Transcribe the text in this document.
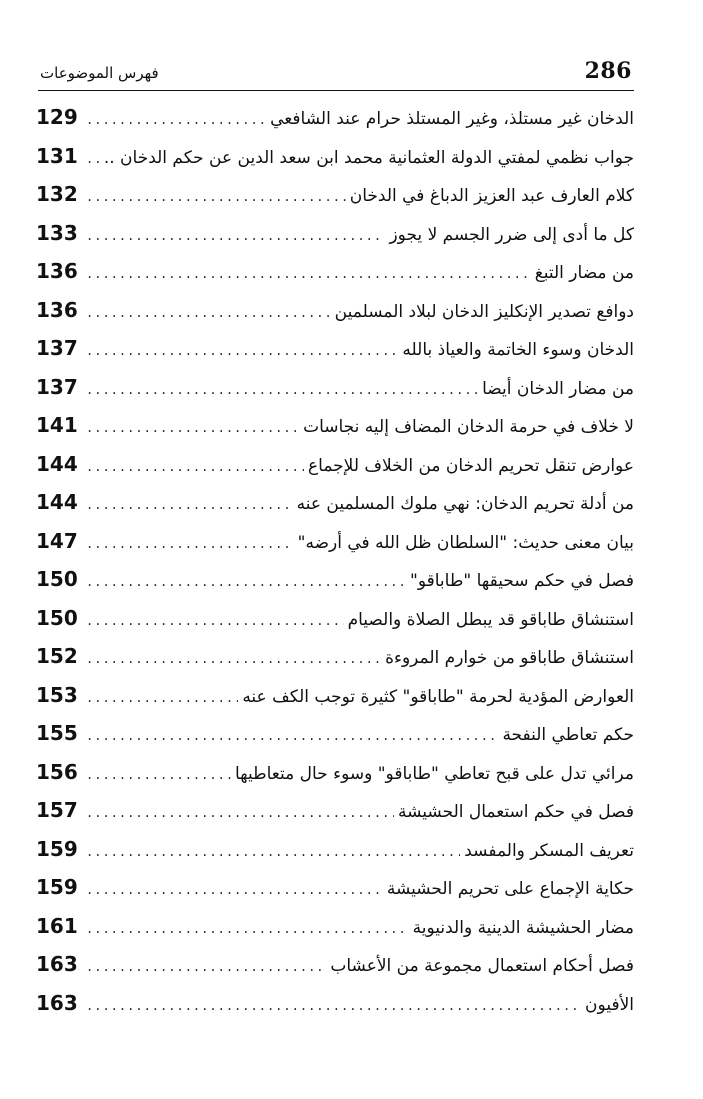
286
فهرس الموضوعات
الدخان غير مستلذ، وغير المستلذ حرام عند الشافعي
.....
129
جواب نظمي لمفتي الدولة العثمانية محمد ابن سعد الدين عن حكم الدخان ..
.....
131
كلام العارف عبد العزيز الدباغ في الدخان
.....
132
كل ما أدى إلى ضرر الجسم لا يجوز
.....
133
من مضار التبغ
.....
136
دوافع تصدير الإنكليز الدخان لبلاد المسلمين
.....
136
الدخان وسوء الخاتمة والعياذ بالله
.....
137
من مضار الدخان أيضا
.....
137
لا خلاف في حرمة الدخان المضاف إليه نجاسات
.....
141
عوارض تنقل تحريم الدخان من الخلاف للإجماع
.....
144
من أدلة تحريم الدخان: نهي ملوك المسلمين عنه
.....
144
بيان معنى حديث: "السلطان ظل الله في أرضه"
.....
147
فصل في حكم سحيقها "طاباقو"
.....
150
استنشاق طاباقو قد يبطل الصلاة والصيام
.....
150
استنشاق طاباقو من خوارم المروءة
.....
152
العوارض المؤدية لحرمة "طاباقو" كثيرة توجب الكف عنه
.....
153
حكم تعاطي النفحة
.....
155
مرائي تدل على قبح تعاطي "طاباقو" وسوء حال متعاطيها
.....
156
فصل في حكم استعمال الحشيشة
.....
157
تعريف المسكر والمفسد
.....
159
حكاية الإجماع على تحريم الحشيشة
.....
159
مضار الحشيشة الدينية والدنيوية
.....
161
فصل أحكام استعمال مجموعة من الأعشاب
.....
163
الأفيون
.....
163
